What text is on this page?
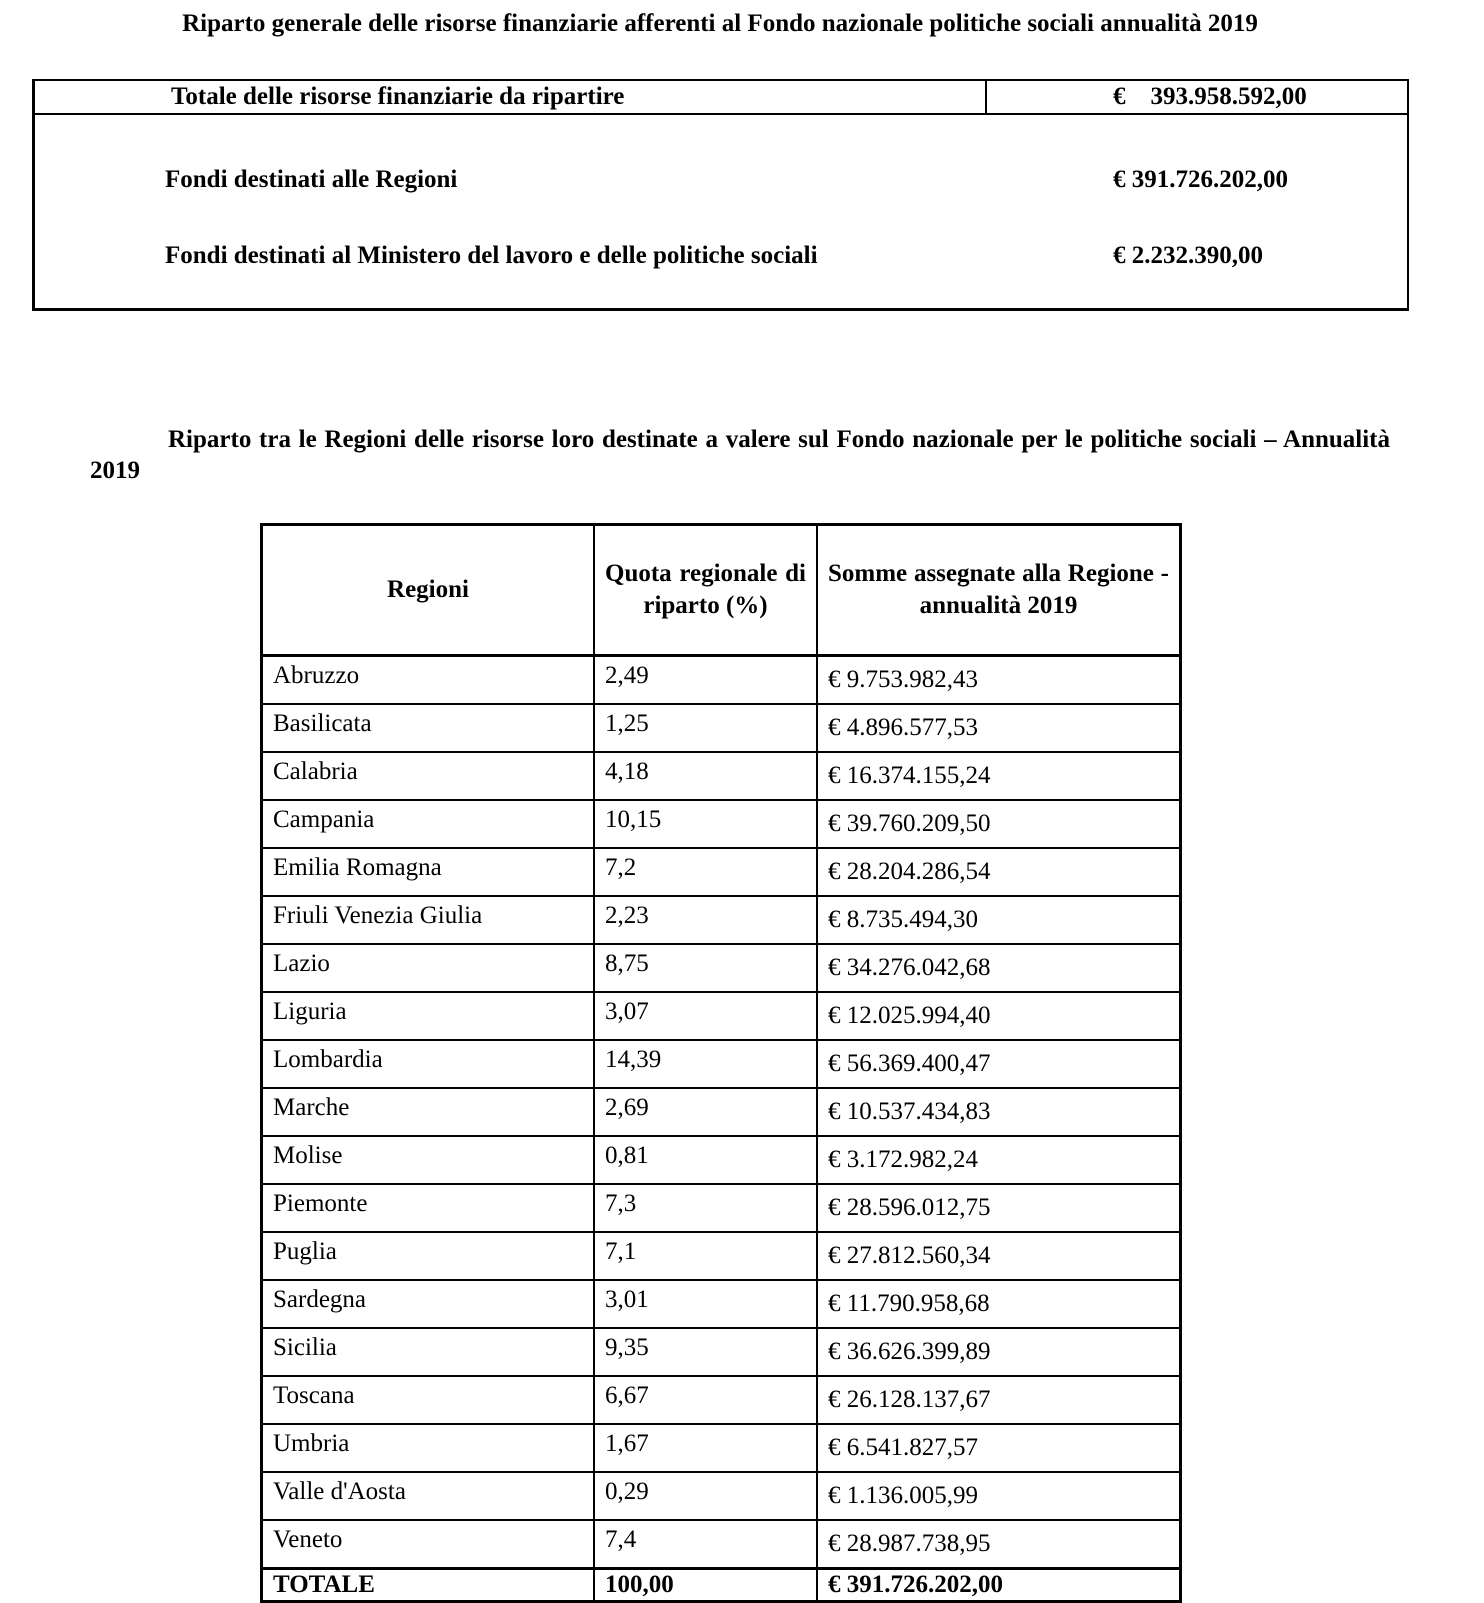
Riparto generale delle risorse finanziarie afferenti al Fondo nazionale politiche sociali annualità 2019
Totale delle risorse finanziarie da ripartire	€    393.958.592,00
Fondi destinati alle Regioni	€ 391.726.202,00
Fondi destinati al Ministero del lavoro e delle politiche sociali	€ 2.232.390,00
Riparto tra le Regioni delle risorse loro destinate a valere sul Fondo nazionale per le politiche sociali – Annualità 2019
Regioni	Quota regionale di riparto (%)	Somme assegnate alla Regione - annualità 2019
Abruzzo	2,49	€ 9.753.982,43
Basilicata	1,25	€ 4.896.577,53
Calabria	4,18	€ 16.374.155,24
Campania	10,15	€ 39.760.209,50
Emilia Romagna	7,2	€ 28.204.286,54
Friuli Venezia Giulia	2,23	€ 8.735.494,30
Lazio	8,75	€ 34.276.042,68
Liguria	3,07	€ 12.025.994,40
Lombardia	14,39	€ 56.369.400,47
Marche	2,69	€ 10.537.434,83
Molise	0,81	€ 3.172.982,24
Piemonte	7,3	€ 28.596.012,75
Puglia	7,1	€ 27.812.560,34
Sardegna	3,01	€ 11.790.958,68
Sicilia	9,35	€ 36.626.399,89
Toscana	6,67	€ 26.128.137,67
Umbria	1,67	€ 6.541.827,57
Valle d'Aosta	0,29	€ 1.136.005,99
Veneto	7,4	€ 28.987.738,95
TOTALE	100,00	€ 391.726.202,00
